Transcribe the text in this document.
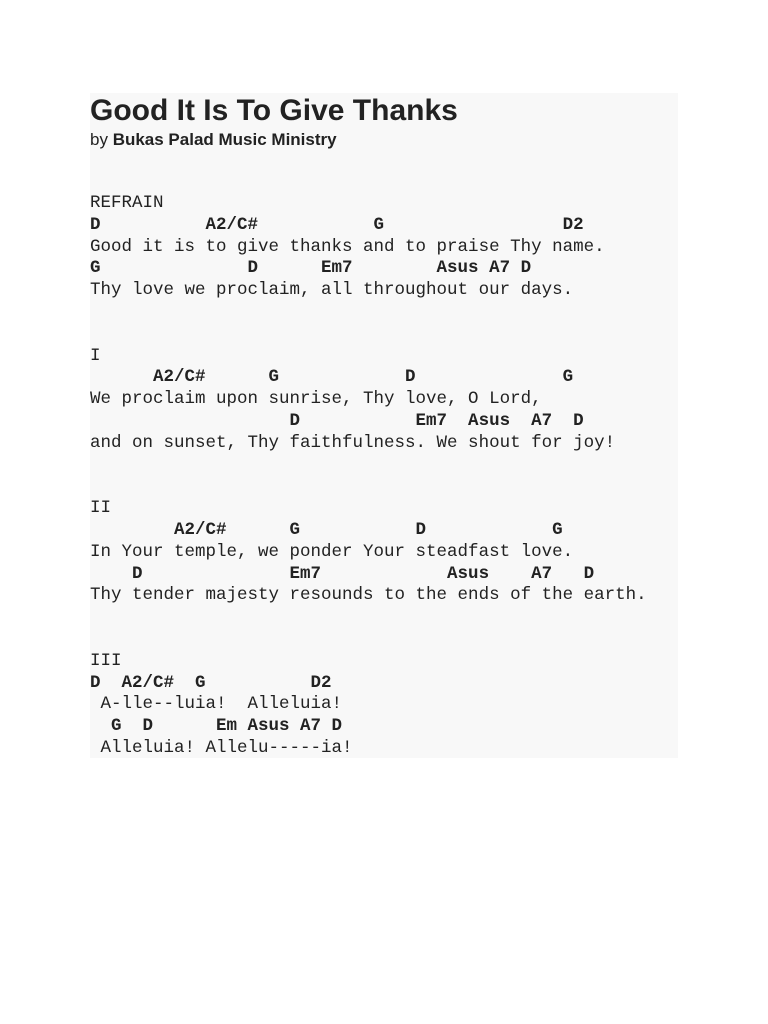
Good It Is To Give Thanks
by Bukas Palad Music Ministry
REFRAIN
D          A2/C#           G                 D2
Good it is to give thanks and to praise Thy name.
G              D      Em7        Asus A7 D
Thy love we proclaim, all throughout our days.
I
A2/C#      G            D              G
We proclaim upon sunrise, Thy love, O Lord,
D           Em7  Asus  A7  D
and on sunset, Thy faithfulness. We shout for joy!
II
A2/C#      G           D            G
In Your temple, we ponder Your steadfast love.
D              Em7            Asus    A7   D
Thy tender majesty resounds to the ends of the earth.
III
D  A2/C#  G          D2
A-lle--luia!  Alleluia!
G  D      Em Asus A7 D
Alleluia! Allelu-----ia!
